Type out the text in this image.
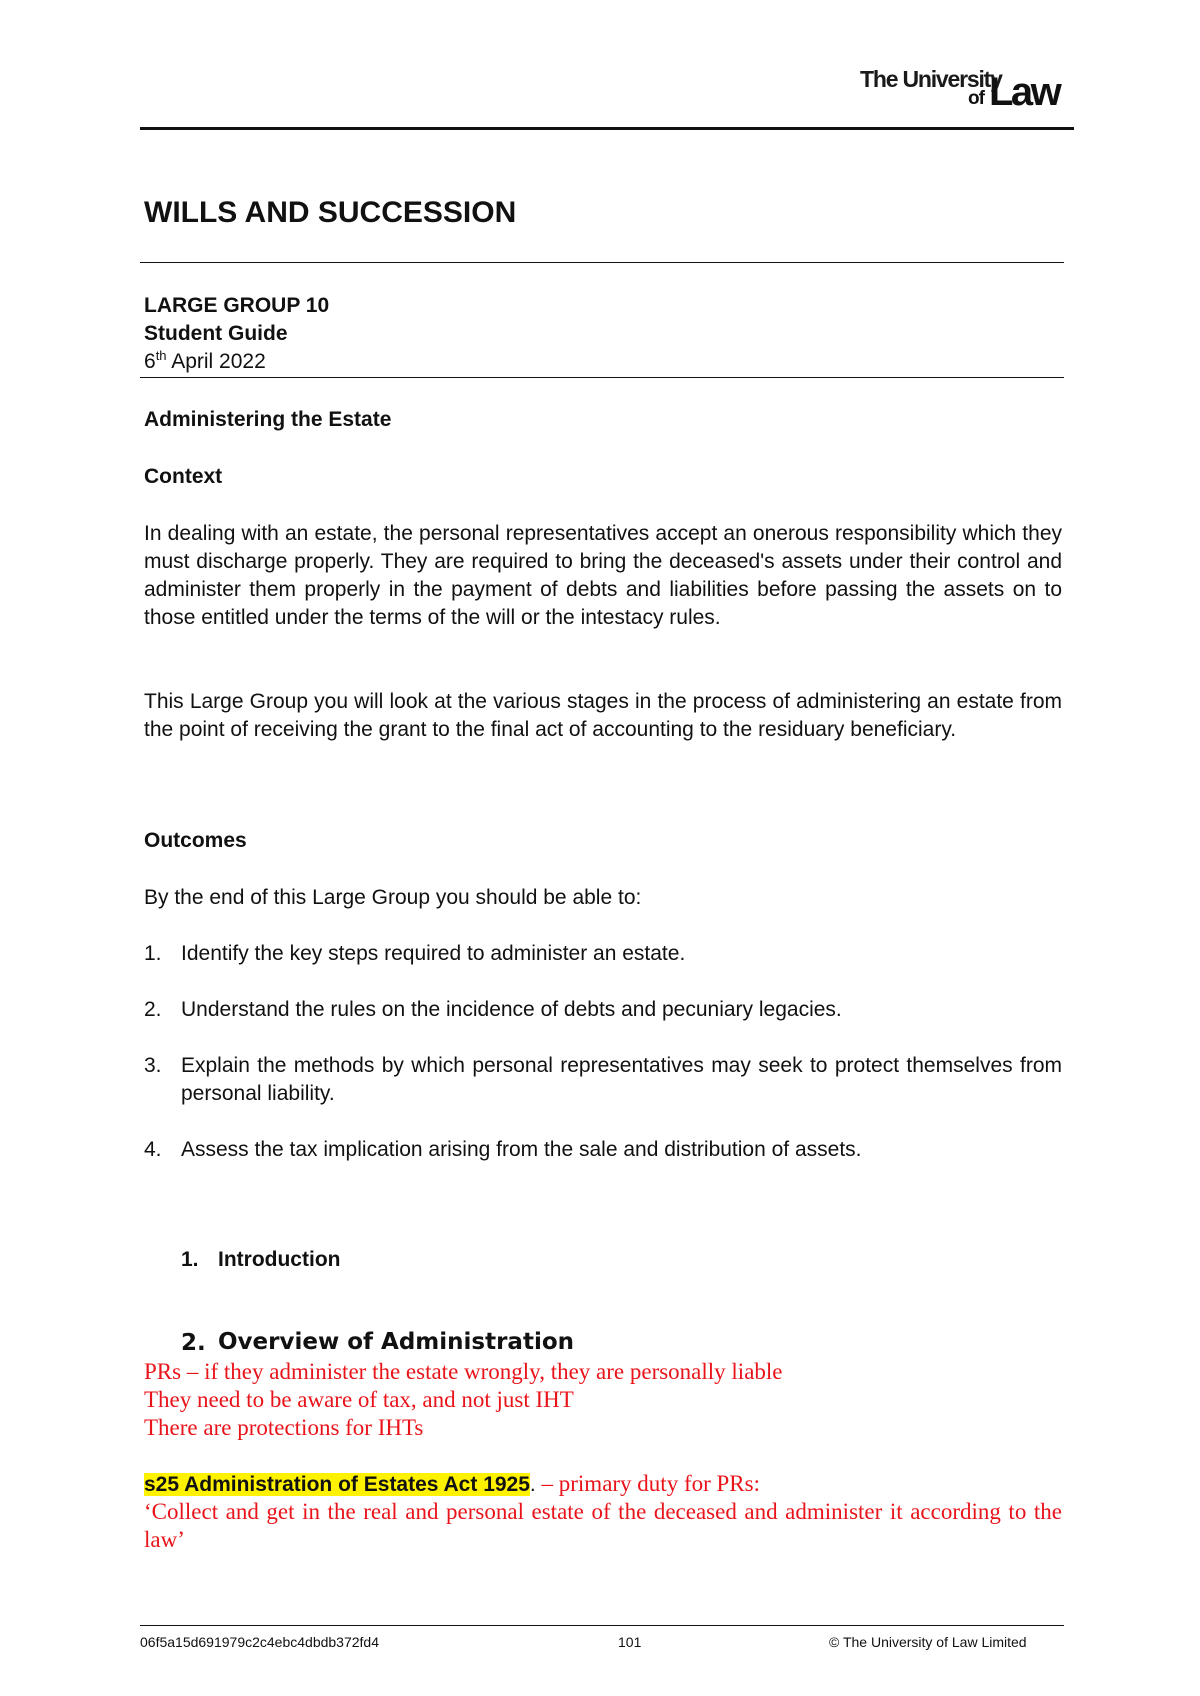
The University
of Law
WILLS AND SUCCESSION

LARGE GROUP 10

Student Guide

6th April 2022

Administering the Estate

Context

In dealing with an estate, the personal representatives accept an onerous responsibility which they must discharge properly. They are required to bring the deceased's assets under their control and administer them properly in the payment of debts and liabilities before passing the assets on to those entitled under the terms of the will or the intestacy rules.

This Large Group you will look at the various stages in the process of administering an estate from the point of receiving the grant to the final act of accounting to the residuary beneficiary.

Outcomes

By the end of this Large Group you should be able to:

1. Identify the key steps required to administer an estate.
2. Understand the rules on the incidence of debts and pecuniary legacies.
3. Explain the methods by which personal representatives may seek to protect themselves from personal liability.
4. Assess the tax implication arising from the sale and distribution of assets.
1. Introduction
2. Overview of Administration
PRs – if they administer the estate wrongly, they are personally liable
They need to be aware of tax, and not just IHT
There are protections for IHTs
s25 Administration of Estates Act 1925. – primary duty for PRs:

‘Collect and get in the real and personal estate of the deceased and administer it according to the law’

06f5a15d691979c2c4ebc4dbdb372fd4	101	© The University of Law Limited
